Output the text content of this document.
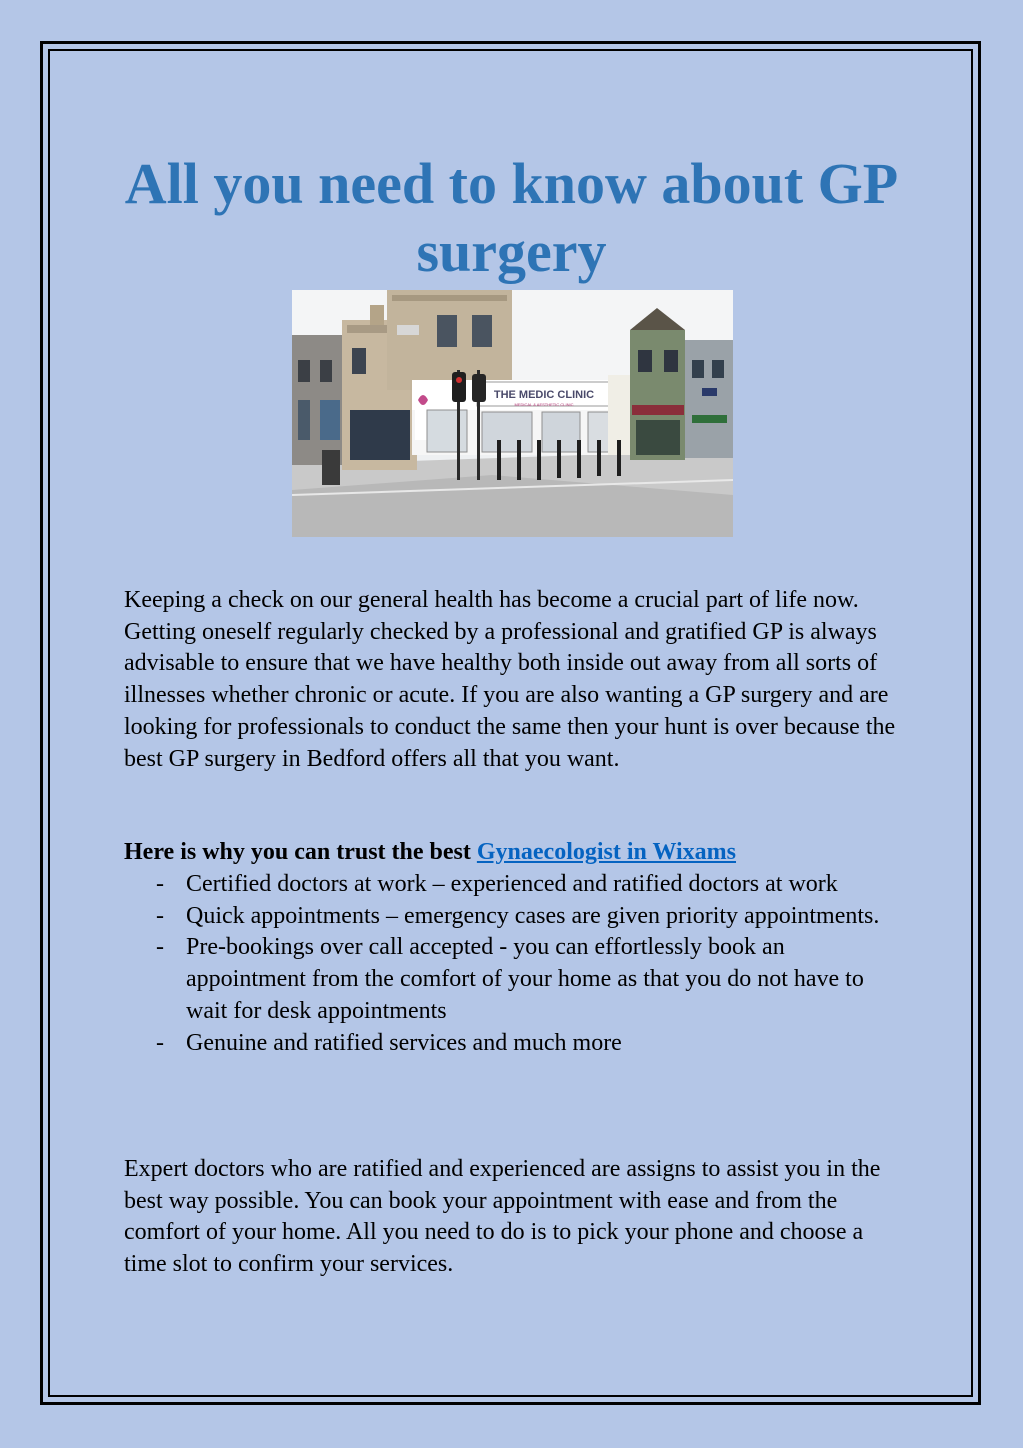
All you need to know about GP surgery
THE MEDIC CLINIC
MEDICAL & AESTHETIC CLINIC

Keeping a check on our general health has become a crucial part of life now. Getting oneself regularly checked by a professional and gratified GP is always advisable to ensure that we have healthy both inside out away from all sorts of illnesses whether chronic or acute. If you are also wanting a GP surgery and are looking for professionals to conduct the same then your hunt is over because the best GP surgery in Bedford offers all that you want.

Here is why you can trust the best Gynaecologist in Wixams

- Certified doctors at work – experienced and ratified doctors at work
- Quick appointments – emergency cases are given priority appointments.
- Pre-bookings over call accepted - you can effortlessly book an appointment from the comfort of your home as that you do not have to wait for desk appointments
- Genuine and ratified services and much more

Expert doctors who are ratified and experienced are assigns to assist you in the best way possible. You can book your appointment with ease and from the comfort of your home. All you need to do is to pick your phone and choose a time slot to confirm your services.
